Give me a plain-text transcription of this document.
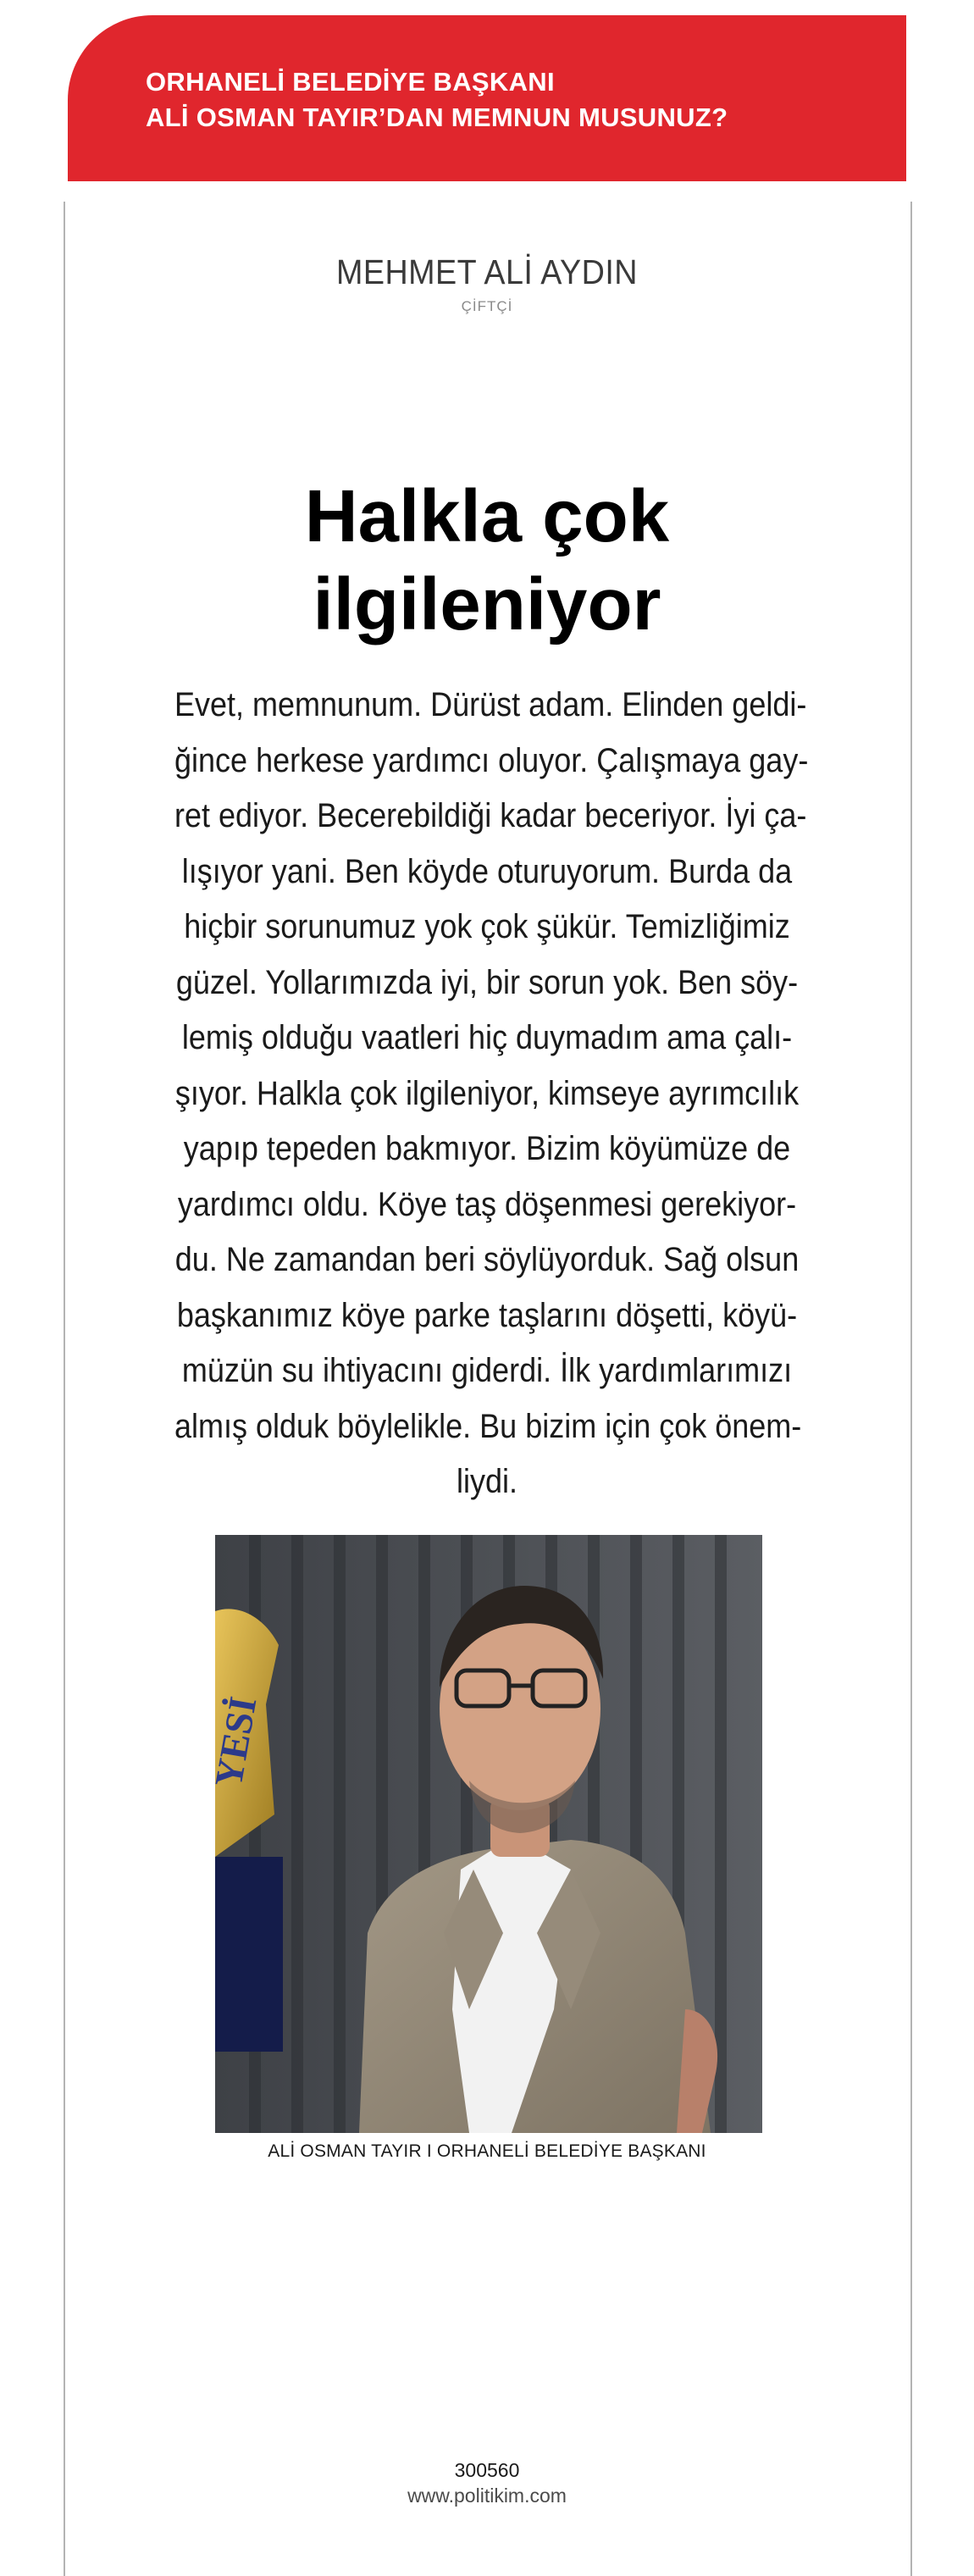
ORHANELİ BELEDİYE BAŞKANI
ALİ OSMAN TAYIR’DAN MEMNUN MUSUNUZ?
MEHMET ALİ AYDIN
ÇİFTÇİ
Halkla çok
ilgileniyor
Evet, memnunum. Dürüst adam. Elinden geldi-
ğince herkese yardımcı oluyor. Çalışmaya gay-
ret ediyor. Becerebildiği kadar beceriyor. İyi ça-
lışıyor yani. Ben köyde oturuyorum. Burda da
hiçbir sorunumuz yok çok şükür. Temizliğimiz
güzel. Yollarımızda iyi, bir sorun yok. Ben söy-
lemiş olduğu vaatleri hiç duymadım ama çalı-
şıyor. Halkla çok ilgileniyor, kimseye ayrımcılık
yapıp tepeden bakmıyor. Bizim köyümüze de
yardımcı oldu. Köye taş döşenmesi gerekiyor-
du. Ne zamandan beri söylüyorduk. Sağ olsun
başkanımız köye parke taşlarını döşetti, köyü-
müzün su ihtiyacını giderdi. İlk yardımlarımızı
almış olduk böylelikle. Bu bizim için çok önem-
liydi.
YESİ
ALİ OSMAN TAYIR I ORHANELİ BELEDİYE BAŞKANI
300560
www.politikim.com
